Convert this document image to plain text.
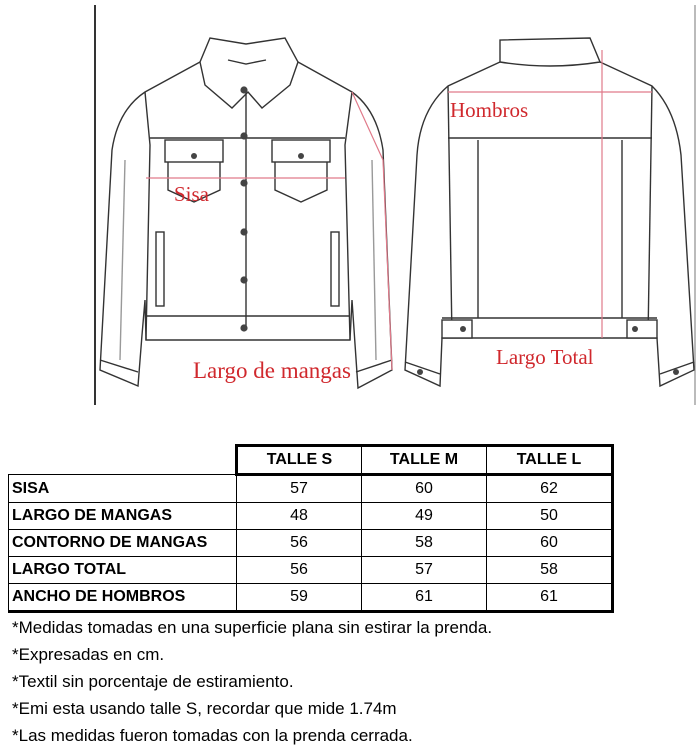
Sisa
Largo de mangas
Hombros
Largo Total
	TALLE S	TALLE M	TALLE L
SISA	57	60	62
LARGO DE MANGAS	48	49	50
CONTORNO DE MANGAS	56	58	60
LARGO TOTAL	56	57	58
ANCHO DE HOMBROS	59	61	61
*Medidas tomadas en una superficie plana sin estirar la prenda.
*Expresadas en cm.
*Textil sin porcentaje de estiramiento.
*Emi esta usando talle S, recordar que mide 1.74m
*Las medidas fueron tomadas con la prenda cerrada.
